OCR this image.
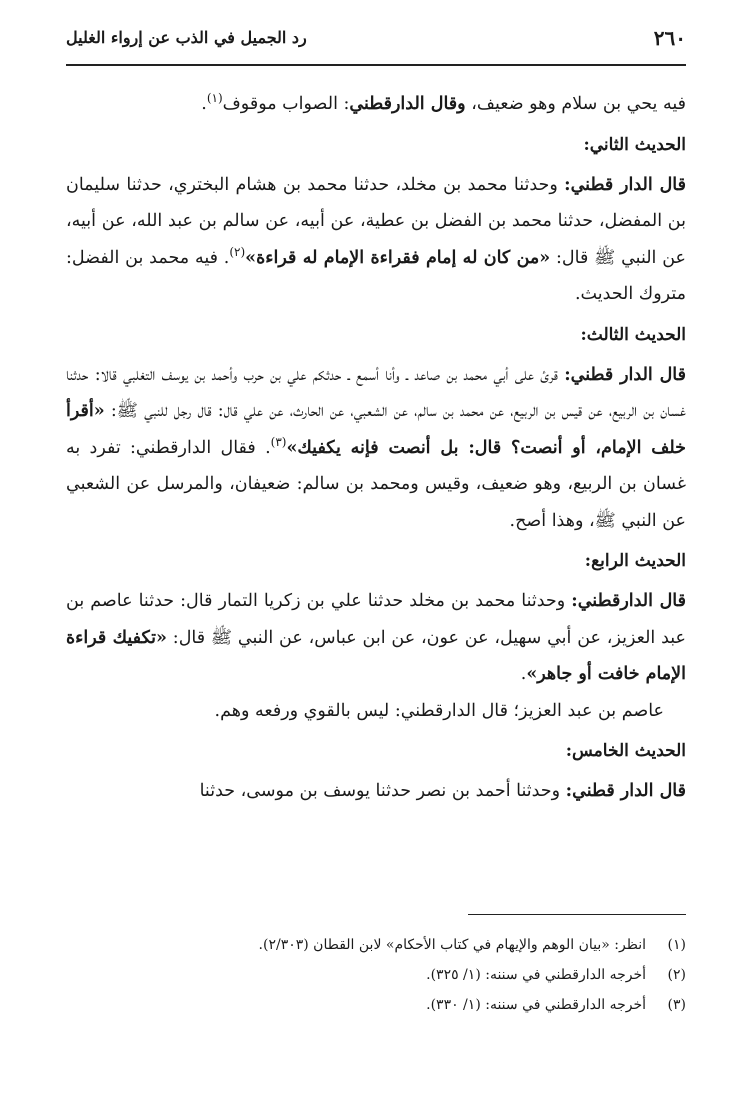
٢٦٠
رد الجميل في الذب عن إرواء الغليل

فيه يحي بن سلام وهو ضعيف، وقال الدارقطني: الصواب موقوف$^{(١)}$.

الحديث الثاني:

قال الدار قطني: وحدثنا محمد بن مخلد، حدثنا محمد بن هشام البختري، حدثنا سليمان بن المفضل، حدثنا محمد بن الفضل بن عطية، عن أبيه، عن سالم بن عبد الله، عن أبيه، عن النبي ﷺ قال: «من كان له إمام فقراءة الإمام له قراءة»$^{(٢)}$. فيه محمد بن الفضل: متروك الحديث.

الحديث الثالث:

قال الدار قطني: قرئ على أبي محمد بن صاعد ـ وأنا أسمع ـ حدثكم علي بن حرب وأحمد بن يوسف التغلبي قالا: حدثنا غسان بن الربيع، عن قيس بن الربيع، عن محمد بن سالم، عن الشعبي، عن الحارث، عن علي قال: قال رجل للنبي ﷺ: «أقرأ خلف الإمام، أو أنصت؟ قال: بل أنصت فإنه يكفيك»$^{(٣)}$. فقال الدارقطني: تفرد به غسان بن الربيع، وهو ضعيف، وقيس ومحمد بن سالم: ضعيفان، والمرسل عن الشعبي عن النبي ﷺ، وهذا أصح.

الحديث الرابع:

قال الدارقطني: وحدثنا محمد بن مخلد حدثنا علي بن زكريا التمار قال: حدثنا عاصم بن عبد العزيز، عن أبي سهيل، عن عون، عن ابن عباس، عن النبي ﷺ قال: «تكفيك قراءة الإمام خافت أو جاهر».

عاصم بن عبد العزيز؛ قال الدارقطني: ليس بالقوي ورفعه وهم.

الحديث الخامس:

قال الدار قطني: وحدثنا أحمد بن نصر حدثنا يوسف بن موسى، حدثنا

(١)
انظر: «بيان الوهم والإيهام في كتاب الأحكام» لابن القطان (٢/٣٠٣).
(٢)
أخرجه الدارقطني في سننه: (١/ ٣٢٥).
(٣)
أخرجه الدارقطني في سننه: (١/ ٣٣٠).
